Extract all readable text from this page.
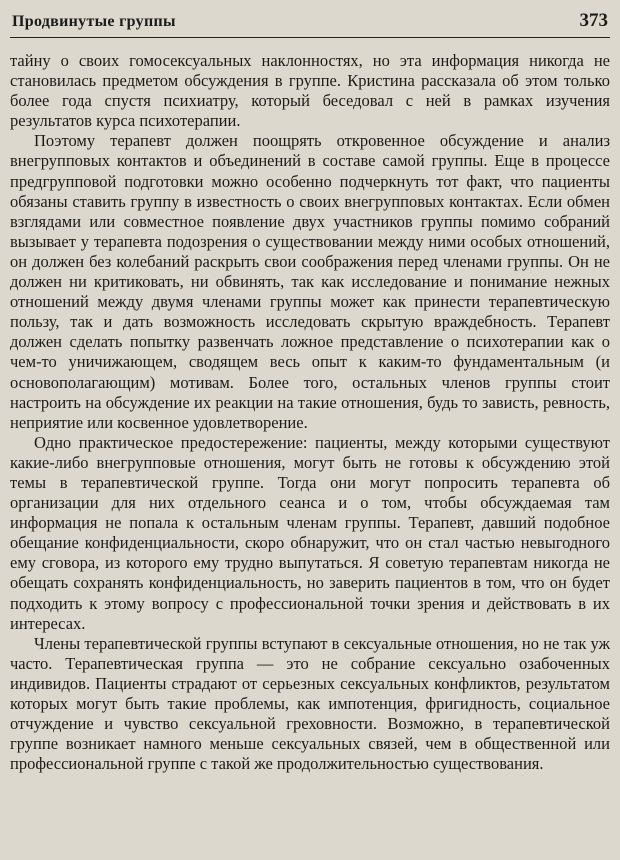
Продвинутые группы	373

тайну о своих гомосексуальных наклонностях, но эта информация никогда не становилась предметом обсуждения в группе. Кристина рассказала об этом только более года спустя психиатру, который беседовал с ней в рамках изучения результатов курса психотерапии.

Поэтому терапевт должен поощрять откровенное обсуждение и анализ внегрупповых контактов и объединений в составе самой группы. Еще в процессе предгрупповой подготовки можно особенно подчеркнуть тот факт, что пациенты обязаны ставить группу в известность о своих внегрупповых контактах. Если обмен взглядами или совместное появление двух участников группы помимо собраний вызывает у терапевта подозрения о существовании между ними особых отношений, он должен без колебаний раскрыть свои соображения перед членами группы. Он не должен ни критиковать, ни обвинять, так как исследование и понимание нежных отношений между двумя членами группы может как принести терапевтическую пользу, так и дать возможность исследовать скрытую враждебность. Терапевт должен сделать попытку развенчать ложное представление о психотерапии как о чем-то уничижающем, сводящем весь опыт к каким-то фундаментальным (и основополагающим) мотивам. Более того, остальных членов группы стоит настроить на обсуждение их реакции на такие отношения, будь то зависть, ревность, неприятие или косвенное удовлетворение.

Одно практическое предостережение: пациенты, между которыми существуют какие-либо внегрупповые отношения, могут быть не готовы к обсуждению этой темы в терапевтической группе. Тогда они могут попросить терапевта об организации для них отдельного сеанса и о том, чтобы обсуждаемая там информация не попала к остальным членам группы. Терапевт, давший подобное обещание конфиденциальности, скоро обнаружит, что он стал частью невыгодного ему сговора, из которого ему трудно выпутаться. Я советую терапевтам никогда не обещать сохранять конфиденциальность, но заверить пациентов в том, что он будет подходить к этому вопросу с профессиональной точки зрения и действовать в их интересах.

Члены терапевтической группы вступают в сексуальные отношения, но не так уж часто. Терапевтическая группа — это не собрание сексуально озабоченных индивидов. Пациенты страдают от серьезных сексуальных конфликтов, результатом которых могут быть такие проблемы, как импотенция, фригидность, социальное отчуждение и чувство сексуальной греховности. Возможно, в терапевтической группе возникает намного меньше сексуальных связей, чем в общественной или профессиональной группе с такой же продолжительностью существования.
